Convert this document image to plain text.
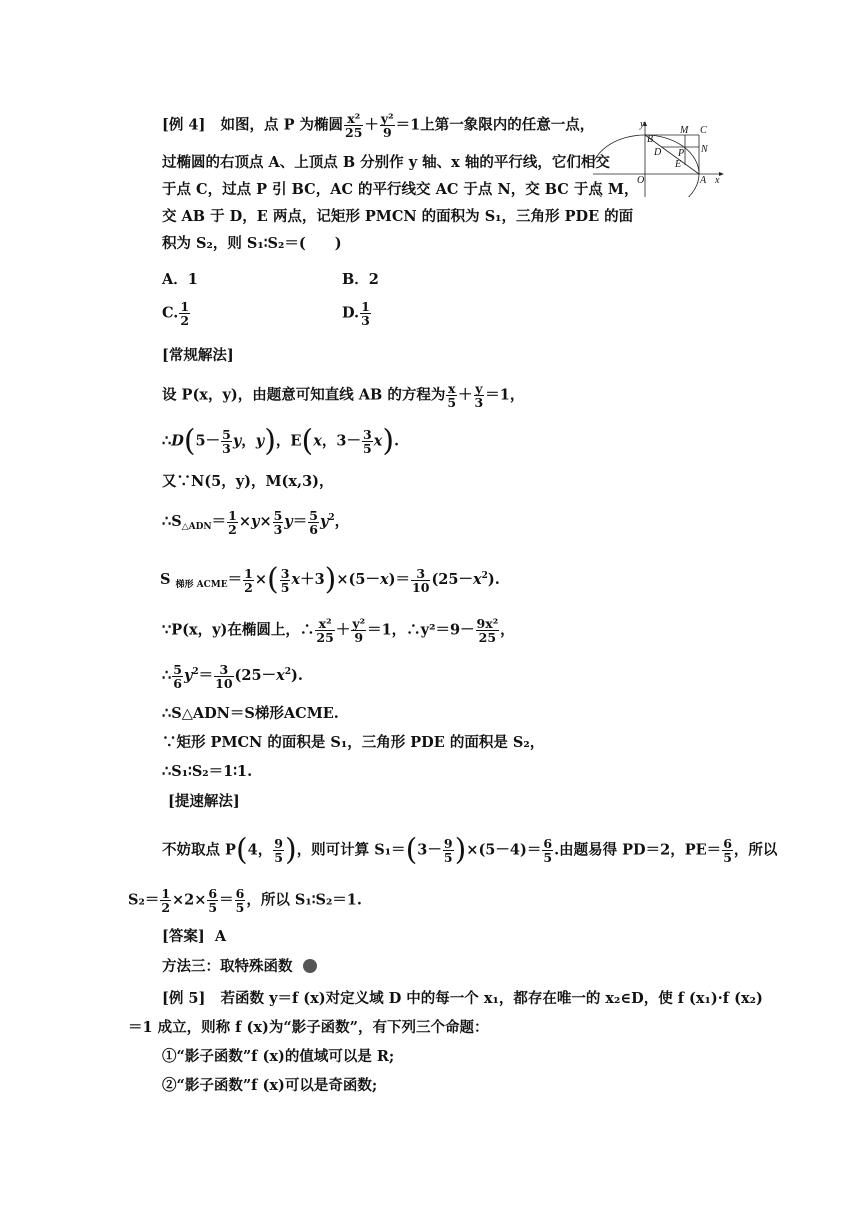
[例 4] 如图，点 P 为椭圆 $\frac{\text{x²}}{25} + \frac{\text{y²}}{9} =1$上第一象限内的任意一点，
过椭圆的右顶点 A、上顶点 B 分别作 y 轴、x 轴的平行线，它们相交
于点 C，过点 P 引 BC，AC 的平行线交 AC 于点 N，交 BC 于点 M，
交 AB 于 D，E 两点，记矩形 PMCN 的面积为 S₁，三角形 PDE 的面
积为 S₂，则 S₁∶S₂＝(　　)
y
x
O	A
B
C
M
N
D P
E
A．1	B．2
C. $\frac{1}{2}$	D. $\frac{1}{3}$
[常规解法]
设 P(x，y)，由题意可知直线 AB 的方程为 $\frac{x}{5} + \frac{y}{3} =1$，
∴D(5－ $\frac{5}{3}$ y，y)，E(x，$3- \frac{3}{5} x$).
又∵N(5，y)，M(x,3)，
$\therefore S_{\triangle ADN}= \frac{1}{2} \times y\times \frac{5}{3} y= \frac{5}{6} y^2$，
S $_{梯形 ACME}= \frac{1}{2}$ ×( $\frac{3}{5} x+3)\times(5-x)= \frac{3}{10} (25-x^2)$.
∵P(x，y)在椭圆上，∴ $\frac{\text{x²}}{25} + \frac{\text{y²}}{9} =1$，∴y²＝9－ $\frac{\text{9x²}}{25}$ ，
∴ $\frac{5}{6} y^2= \frac{3}{10} (25-x^2)$.
∴S△ADN＝S梯形ACME.
∵矩形 PMCN 的面积是 S₁，三角形 PDE 的面积是 S₂，
∴S₁∶S₂＝1∶1.
[提速解法]
不妨取点 P(4， $\frac{9}{5}$ )，则可计算 $S_1=(3- \frac{9}{5} )\times(5-4)= \frac{6}{5}$ .由题易得 PD＝2，$PE= \frac{6}{5}$ ，所以
$S_2= \frac{1}{2} \times 2\times \frac{6}{5} = \frac{6}{5}$ ，所以 S₁∶S₂＝1.
[答案] A
方法三：取特殊函数
[例 5] 若函数 y＝f (x)对定义域 D 中的每一个 x₁，都存在唯一的 x₂∈D，使 f (x₁)·f (x₂)
＝1 成立，则称 f (x)为“影子函数”，有下列三个命题：
①“影子函数”f (x)的值域可以是 R;
②“影子函数”f (x)可以是奇函数;
